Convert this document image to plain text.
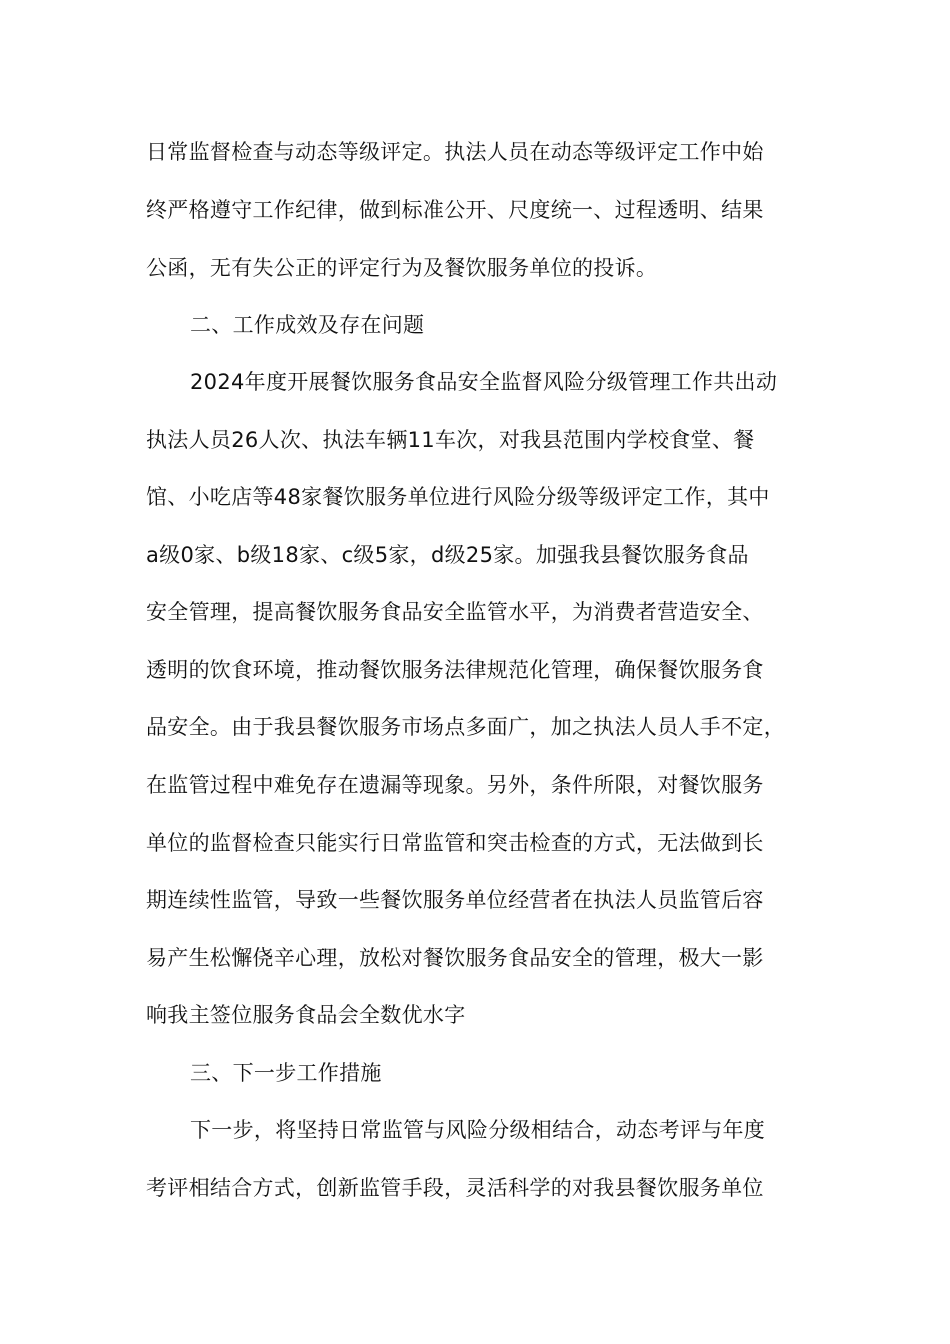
日常监督检查与动态等级评定。执法人员在动态等级评定工作中始
终严格遵守工作纪律，做到标准公开、尺度统一、过程透明、结果
公函，无有失公正的评定行为及餐饮服务单位的投诉。
二、工作成效及存在问题
2024年度开展餐饮服务食品安全监督风险分级管理工作共出动
执法人员26人次、执法车辆11车次，对我县范围内学校食堂、餐
馆、小吃店等48家餐饮服务单位进行风险分级等级评定工作，其中
a级0家、b级18家、c级5家，d级25家。加强我县餐饮服务食品
安全管理，提高餐饮服务食品安全监管水平，为消费者营造安全、
透明的饮食环境，推动餐饮服务法律规范化管理，确保餐饮服务食
品安全。由于我县餐饮服务市场点多面广，加之执法人员人手不定，
在监管过程中难免存在遗漏等现象。另外，条件所限，对餐饮服务
单位的监督检查只能实行日常监管和突击检查的方式，无法做到长
期连续性监管，导致一些餐饮服务单位经营者在执法人员监管后容
易产生松懈侥辛心理，放松对餐饮服务食品安全的管理，极大一影
响我主签位服务食品会全数优水字
三、下一步工作措施
下一步，将坚持日常监管与风险分级相结合，动态考评与年度
考评相结合方式，创新监管手段，灵活科学的对我县餐饮服务单位
